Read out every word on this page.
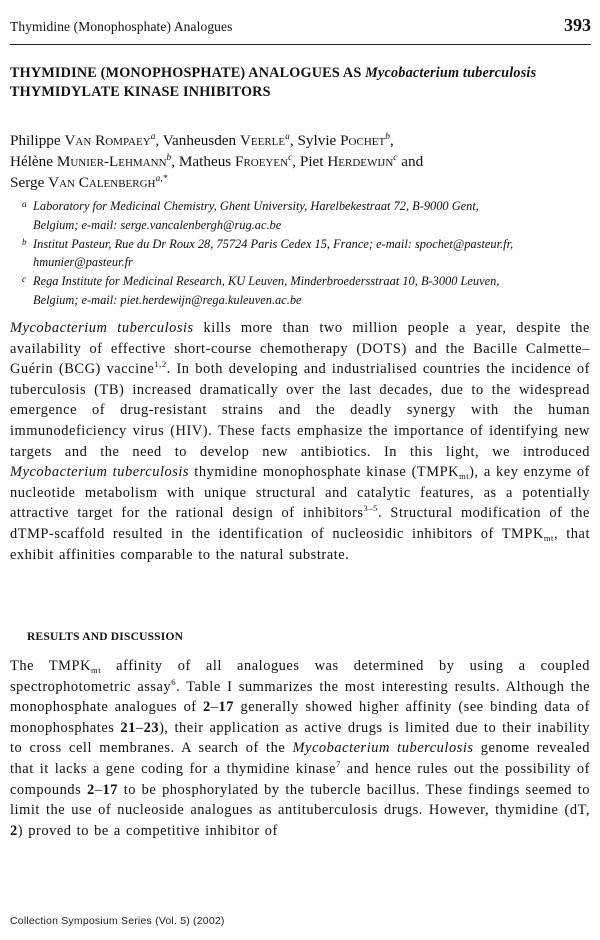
Thymidine (Monophosphate) Analogues	393
THYMIDINE (MONOPHOSPHATE) ANALOGUES AS Mycobacterium tuberculosis THYMIDYLATE KINASE INHIBITORS
Philippe Van Rompaey$^a$, Vanheusden Veerle$^a$, Sylvie Pochet$^b$,
Hélène Munier-Lehmann$^b$, Matheus Froeyen$^c$, Piet Herdewijn$^c$ and
Serge Van Calenbergh$^{a,*}$
a Laboratory for Medicinal Chemistry, Ghent University, Harelbekestraat 72, B-9000 Gent,
Belgium; e-mail: serge.vancalenbergh@rug.ac.be
b Institut Pasteur, Rue du Dr Roux 28, 75724 Paris Cedex 15, France; e-mail: spochet@pasteur.fr,
hmunier@pasteur.fr
c Rega Institute for Medicinal Research, KU Leuven, Minderbroedersstraat 10, B-3000 Leuven,
Belgium; e-mail: piet.herdewijn@rega.kuleuven.ac.be
Mycobacterium tuberculosis kills more than two million people a year, despite the availability of effective short-course chemotherapy (DOTS) and the Bacille Calmette–Guérin (BCG) vaccine$^{1,2}$. In both developing and industrialised countries the incidence of tuberculosis (TB) increased dramatically over the last decades, due to the widespread emergence of drug-resistant strains and the deadly synergy with the human immunodeficiency virus (HIV). These facts emphasize the importance of identifying new targets and the need to develop new antibiotics. In this light, we introduced Mycobacterium tuberculosis thymidine monophosphate kinase $(TMPK_{mt})$, a key enzyme of nucleotide metabolism with unique structural and catalytic features, as a potentially attractive target for the rational design of inhibitors$^{3-5}$. Structural modification of the dTMP-scaffold resulted in the identification of nucleosidic inhibitors of $TMPK_{mt}$, that exhibit affinities comparable to the natural substrate.
RESULTS AND DISCUSSION
The $TMPK_{mt}$ affinity of all analogues was determined by using a coupled spectrophotometric assay$^6$. Table I summarizes the most interesting results. Although the monophosphate analogues of 2–17 generally showed higher affinity (see binding data of monophosphates 21–23), their application as active drugs is limited due to their inability to cross cell membranes. A search of the Mycobacterium tuberculosis genome revealed that it lacks a gene coding for a thymidine kinase$^7$ and hence rules out the possibility of compounds 2–17 to be phosphorylated by the tubercle bacillus. These findings seemed to limit the use of nucleoside analogues as antituberculosis drugs. However, thymidine (dT, 2) proved to be a competitive inhibitor of
Collection Symposium Series (Vol. 5) (2002)
